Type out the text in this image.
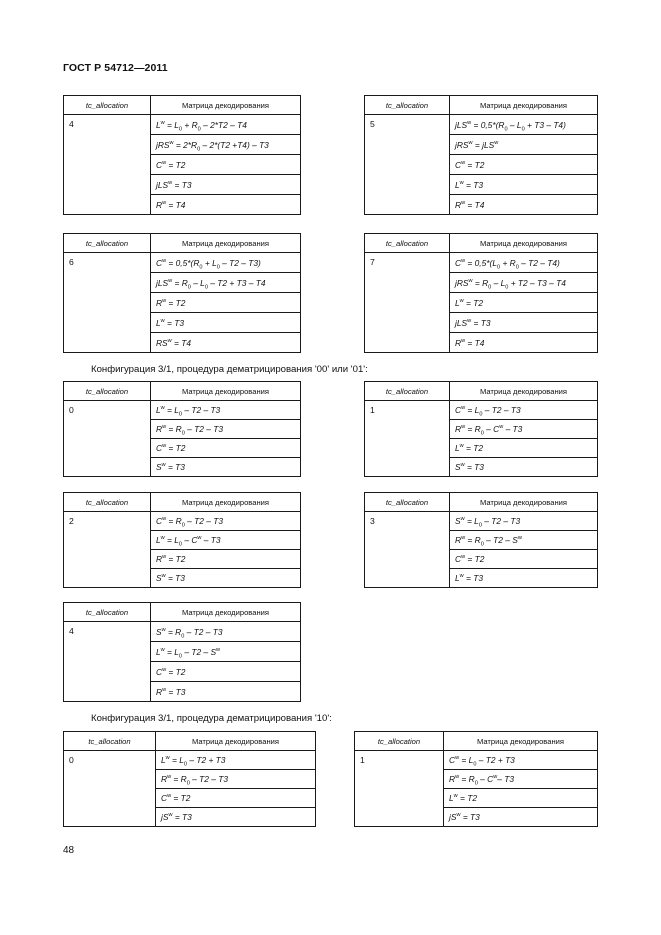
ГОСТ Р 54712—2011
tc_allocation	Матрица декодирования
4	$L^w = L_0 + R_0 - 2*T2 - T4$
	$jRS^w = 2*R_0 - 2*(T2 +T4) - T3$
	$C^w = T2$
	jLS$^w$ = T3
	$R^w = T4$
tc_allocation	Матрица декодирования
5	$jLS^w = 0,5*(R_0 - L_0 + T3 - T4)$
	jRS$^w$ = jLS$^w$
	$C^w = T2$
	$L^w = T3$
	$R^w = T4$
tc_allocation	Матрица декодирования
6	$C^w = 0,5*(R_0 + L_0 - T2 - T3)$
	$jLS^w = R_0 - L_0 - T2 + T3 - T4$
	$R^w = T2$
	$L^w = T3$
	$RS^w = T4$
tc_allocation	Матрица декодирования
7	$C^w = 0,5*(L_0 + R_0 - T2 - T4)$
	$jRS^w = R_0 - L_0 + T2 - T3 - T4$
	$L^w = T2$
	jLS$^w$ = T3
	$R^w = T4$
Конфигурация 3/1, процедура дематрицирования '00' или '01':
tc_allocation	Матрица декодирования
0	$L^w = L_0 - T2 - T3$
	$R^w = R_0 - T2 - T3$
	$C^w = T2$
	$S^w = T3$
tc_allocation	Матрица декодирования
1	$C^w = L_0 - T2 - T3$
	$R^w = R_0 - C^w - T3$
	$L^w = T2$
	$S^w = T3$
tc_allocation	Матрица декодирования
2	$C^w = R_0 - T2 - T3$
	$L^w = L_0 - C^w - T3$
	$R^w = T2$
	$S^w = T3$
tc_allocation	Матрица декодирования
3	$S^w = L_0 - T2 - T3$
	$R^w = R_0 - T2 - S^w$
	$C^w = T2$
	$L^w = T3$
tc_allocation	Матрица декодирования
4	$S^w = R_0 - T2 - T3$
	$L^w = L_0 - T2 - S^w$
	$C^w = T2$
	$R^w = T3$
Конфигурация 3/1, процедура дематрицирования '10':
tc_allocation	Матрица декодирования
0	$L^w = L_0 - T2 + T3$
	$R^w = R_0 - T2 - T3$
	$C^w = T2$
	$jS^w = T3$
tc_allocation	Матрица декодирования
1	$C^w = L_0 - T2 + T3$
	$R^w = R_0 - C^w-$ T3
	$L^w = T2$
	$jS^w = T3$
48
